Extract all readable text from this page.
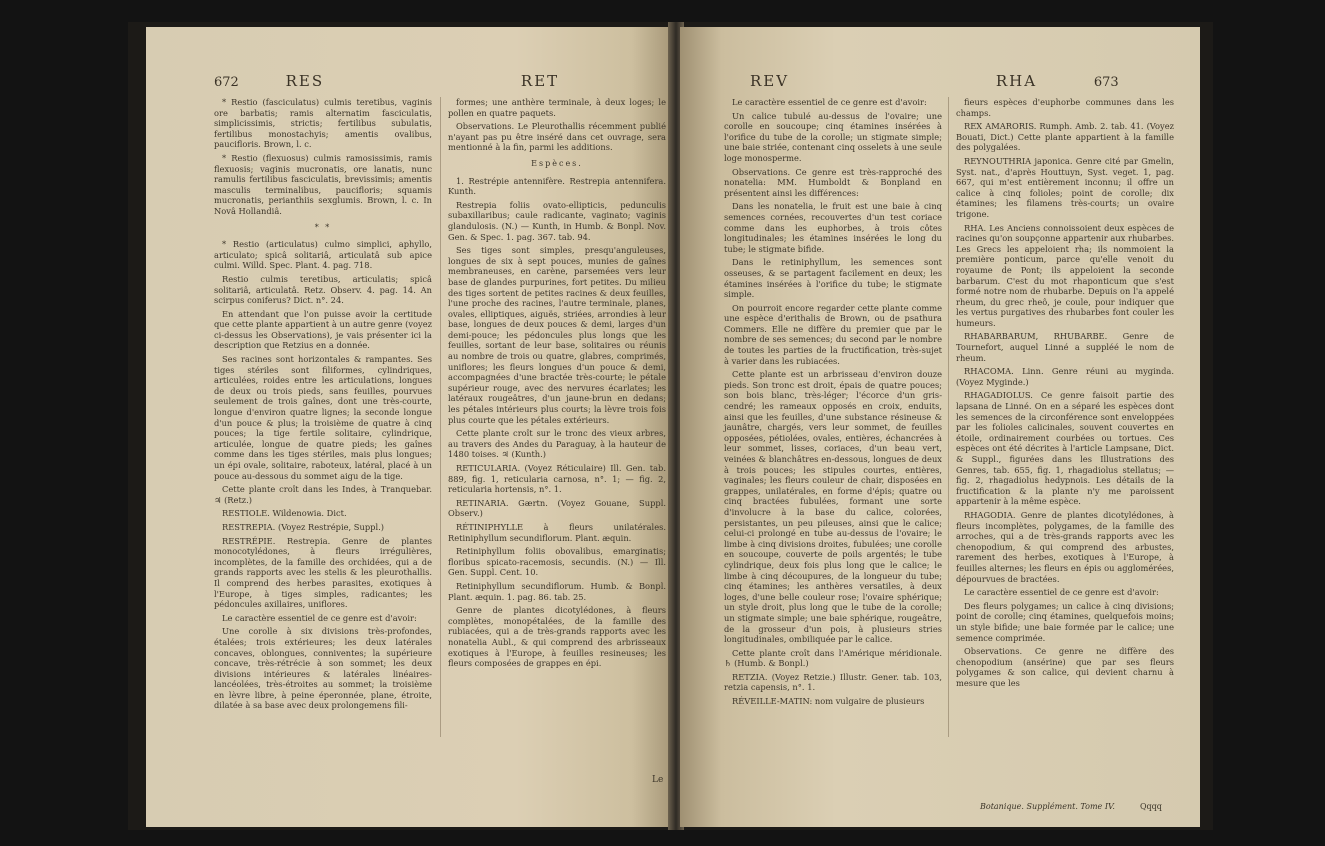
672	RES	RET

* Restio (fasciculatus) culmis teretibus, vaginis ore barbatis; ramis alternatim fasciculatis, simplicissimis, strictis; fertilibus subulatis, fertilibus monostachyis; amentis ovalibus, paucifloris. Brown, l. c.

* Restio (flexuosus) culmis ramosissimis, ramis flexuosis; vaginis mucronatis, ore lanatis, nunc ramulis fertilibus fasciculatis, brevissimis; amentis masculis terminalibus, paucifloris; squamis mucronatis, perianthiis sexglumis. Brown, l. c. In Novâ Hollandiâ.

* *

* Restio (articulatus) culmo simplici, aphyllo, articulato; spicâ solitariâ, articulatâ sub apice culmi. Willd. Spec. Plant. 4. pag. 718.

Restio culmis teretibus, articulatis; spicâ solitariâ, articulatâ. Retz. Observ. 4. pag. 14. An scirpus coniferus? Dict. n°. 24.

En attendant que l'on puisse avoir la certitude que cette plante appartient à un autre genre (voyez ci-dessus les Observations), je vais présenter ici la description que Retzius en a donnée.

Ses racines sont horizontales & rampantes. Ses tiges stériles sont filiformes, cylindriques, articulées, roides entre les articulations, longues de deux ou trois pieds, sans feuilles, pourvues seulement de trois gaînes, dont une très-courte, longue d'environ quatre lignes; la seconde longue d'un pouce & plus; la troisième de quatre à cinq pouces; la tige fertile solitaire, cylindrique, articulée, longue de quatre pieds; les gaînes comme dans les tiges stériles, mais plus longues; un épi ovale, solitaire, raboteux, latéral, placé à un pouce au-dessous du sommet aigu de la tige.

Cette plante croît dans les Indes, à Tranquebar. ♃ (Retz.)

RESTIOLE. Wildenowia. Dict.

RESTREPIA. (Voyez Restrépie, Suppl.)

RESTRÉPIE. Restrepia. Genre de plantes monocotylédones, à fleurs irrégulières, incomplètes, de la famille des orchidées, qui a de grands rapports avec les stelis & les pleurothallis. Il comprend des herbes parasites, exotiques à l'Europe, à tiges simples, radicantes; les pédoncules axillaires, uniflores.

Le caractère essentiel de ce genre est d'avoir:

Une corolle à six divisions très-profondes, étalées; trois extérieures; les deux latérales concaves, oblongues, conniventes; la supérieure concave, très-rétrécie à son sommet; les deux divisions intérieures & latérales linéaires-lancéolées, très-étroites au sommet; la troisième en lèvre libre, à peine éperonnée, plane, étroite, dilatée à sa base avec deux prolongemens fili-

formes; une anthère terminale, à deux loges; le pollen en quatre paquets.

Observations. Le Pleurothallis récemment publié n'ayant pas pu être inséré dans cet ouvrage, sera mentionné à la fin, parmi les additions.

Espèces.

1. Restrépie antennifère. Restrepia antennifera. Kunth.

Restrepia foliis ovato-ellipticis, pedunculis subaxillaribus; caule radicante, vaginato; vaginis glandulosis. (N.) — Kunth, in Humb. & Bonpl. Nov. Gen. & Spec. 1. pag. 367. tab. 94.

Ses tiges sont simples, presqu'anguleuses, longues de six à sept pouces, munies de gaînes membraneuses, en carène, parsemées vers leur base de glandes purpurines, fort petites. Du milieu des tiges sortent de petites racines & deux feuilles, l'une proche des racines, l'autre terminale, planes, ovales, elliptiques, aiguës, striées, arrondies à leur base, longues de deux pouces & demi, larges d'un demi-pouce; les pédoncules plus longs que les feuilles, sortant de leur base, solitaires ou réunis au nombre de trois ou quatre, glabres, comprimés, uniflores; les fleurs longues d'un pouce & demi, accompagnées d'une bractée très-courte; le pétale supérieur rouge, avec des nervures écarlates; les latéraux rougeâtres, d'un jaune-brun en dedans; les pétales intérieurs plus courts; la lèvre trois fois plus courte que les pétales extérieurs.

Cette plante croît sur le tronc des vieux arbres, au travers des Andes du Paraguay, à la hauteur de 1480 toises. ♃ (Kunth.)

RETICULARIA. (Voyez Réticulaire) Ill. Gen. tab. 889, fig. 1, reticularia carnosa, n°. 1; — fig. 2, reticularia hortensis, n°. 1.

RETINARIA. Gærtn. (Voyez Gouane, Suppl. Observ.)

RÉTINIPHYLLE à fleurs unilatérales. Retiniphyllum secundiflorum. Plant. æquin.

Retiniphyllum foliis obovalibus, emarginatis; floribus spicato-racemosis, secundis. (N.) — Ill. Gen. Suppl. Cent. 10.

Retiniphyllum secundiflorum. Humb. & Bonpl. Plant. æquin. 1. pag. 86. tab. 25.

Genre de plantes dicotylédones, à fleurs complètes, monopétalées, de la famille des rubiacées, qui a de très-grands rapports avec les nonatelia Aubl., & qui comprend des arbrisseaux exotiques à l'Europe, à feuilles resineuses; les fleurs composées de grappes en épi.

Le
REV	RHA	673

Le caractère essentiel de ce genre est d'avoir:

Un calice tubulé au-dessus de l'ovaire; une corolle en soucoupe; cinq étamines insérées à l'orifice du tube de la corolle; un stigmate simple; une baie striée, contenant cinq osselets à une seule loge monosperme.

Observations. Ce genre est très-rapproché des nonatelia: MM. Humboldt & Bonpland en présentent ainsi les différences:

Dans les nonatelia, le fruit est une baie à cinq semences cornées, recouvertes d'un test coriace comme dans les euphorbes, à trois côtes longitudinales; les étamines insérées le long du tube; le stigmate bifide.

Dans le retiniphyllum, les semences sont osseuses, & se partagent facilement en deux; les étamines insérées à l'orifice du tube; le stigmate simple.

On pourroit encore regarder cette plante comme une espèce d'erithalis de Brown, ou de psathura Commers. Elle ne diffère du premier que par le nombre de ses semences; du second par le nombre de toutes les parties de la fructification, très-sujet à varier dans les rubiacées.

Cette plante est un arbrisseau d'environ douze pieds. Son tronc est droit, épais de quatre pouces; son bois blanc, très-léger; l'écorce d'un gris-cendré; les rameaux opposés en croix, enduits, ainsi que les feuilles, d'une substance résineuse & jaunâtre, chargés, vers leur sommet, de feuilles opposées, pétiolées, ovales, entières, échancrées à leur sommet, lisses, coriaces, d'un beau vert, veinées & blanchâtres en-dessous, longues de deux à trois pouces; les stipules courtes, entières, vaginales; les fleurs couleur de chair, disposées en grappes, unilatérales, en forme d'épis; quatre ou cinq bractées fubulées, formant une sorte d'involucre à la base du calice, colorées, persistantes, un peu pileuses, ainsi que le calice; celui-ci prolongé en tube au-dessus de l'ovaire; le limbe à cinq divisions droites, fubulées; une corolle en soucoupe, couverte de poils argentés; le tube cylindrique, deux fois plus long que le calice; le limbe à cinq découpures, de la longueur du tube; cinq étamines; les anthères versatiles, à deux loges, d'une belle couleur rose; l'ovaire sphérique; un style droit, plus long que le tube de la corolle; un stigmate simple; une baie sphérique, rougeâtre, de la grosseur d'un pois, à plusieurs stries longitudinales, ombiliquée par le calice.

Cette plante croît dans l'Amérique méridionale. ♄ (Humb. & Bonpl.)

RETZIA. (Voyez Retzie.) Illustr. Gener. tab. 103, retzia capensis, n°. 1.

RÉVEILLE-MATIN: nom vulgaire de plusieurs

fieurs espèces d'euphorbe communes dans les champs.

REX AMARORIS. Rumph. Amb. 2. tab. 41. (Voyez Bouati, Dict.) Cette plante appartient à la famille des polygalées.

REYNOUTHRIA japonica. Genre cité par Gmelin, Syst. nat., d'après Houttuyn, Syst. veget. 1, pag. 667, qui m'est entièrement inconnu; il offre un calice à cinq folioles; point de corolle; dix étamines; les filamens très-courts; un ovaire trigone.

RHA. Les Anciens connoissoient deux espèces de racines qu'on soupçonne appartenir aux rhubarbes. Les Grecs les appeloient rha; ils nommoient la première ponticum, parce qu'elle venoit du royaume de Pont; ils appeloient la seconde barbarum. C'est du mot rhaponticum que s'est formé notre nom de rhubarbe. Depuis on l'a appelé rheum, du grec rheô, je coule, pour indiquer que les vertus purgatives des rhubarbes font couler les humeurs.

RHABARBARUM, RHUBARBE. Genre de Tournefort, auquel Linné a suppléé le nom de rheum.

RHACOMA. Linn. Genre réuni au myginda. (Voyez Myginde.)

RHAGADIOLUS. Ce genre faisoit partie des lapsana de Linné. On en a séparé les espèces dont les semences de la circonférence sont enveloppées par les folioles calicinales, souvent couvertes en étoile, ordinairement courbées ou tortues. Ces espèces ont été décrites à l'article Lampsane, Dict. & Suppl., figurées dans les Illustrations des Genres, tab. 655, fig. 1, rhagadiolus stellatus; — fig. 2, rhagadiolus hedypnois. Les détails de la fructification & la plante n'y me paroissent appartenir à la même espèce.

RHAGODIA. Genre de plantes dicotylédones, à fleurs incomplètes, polygames, de la famille des arroches, qui a de très-grands rapports avec les chenopodium, & qui comprend des arbustes, rarement des herbes, exotiques à l'Europe, à feuilles alternes; les fleurs en épis ou agglomérées, dépourvues de bractées.

Le caractère essentiel de ce genre est d'avoir:

Des fleurs polygames; un calice à cinq divisions; point de corolle; cinq étamines, quelquefois moins; un style bifide; une baie formée par le calice; une semence comprimée.

Observations. Ce genre ne diffère des chenopodium (ansérine) que par ses fleurs polygames & son calice, qui devient charnu à mesure que les

Botanique. Supplément. Tome IV.	Qqqq
